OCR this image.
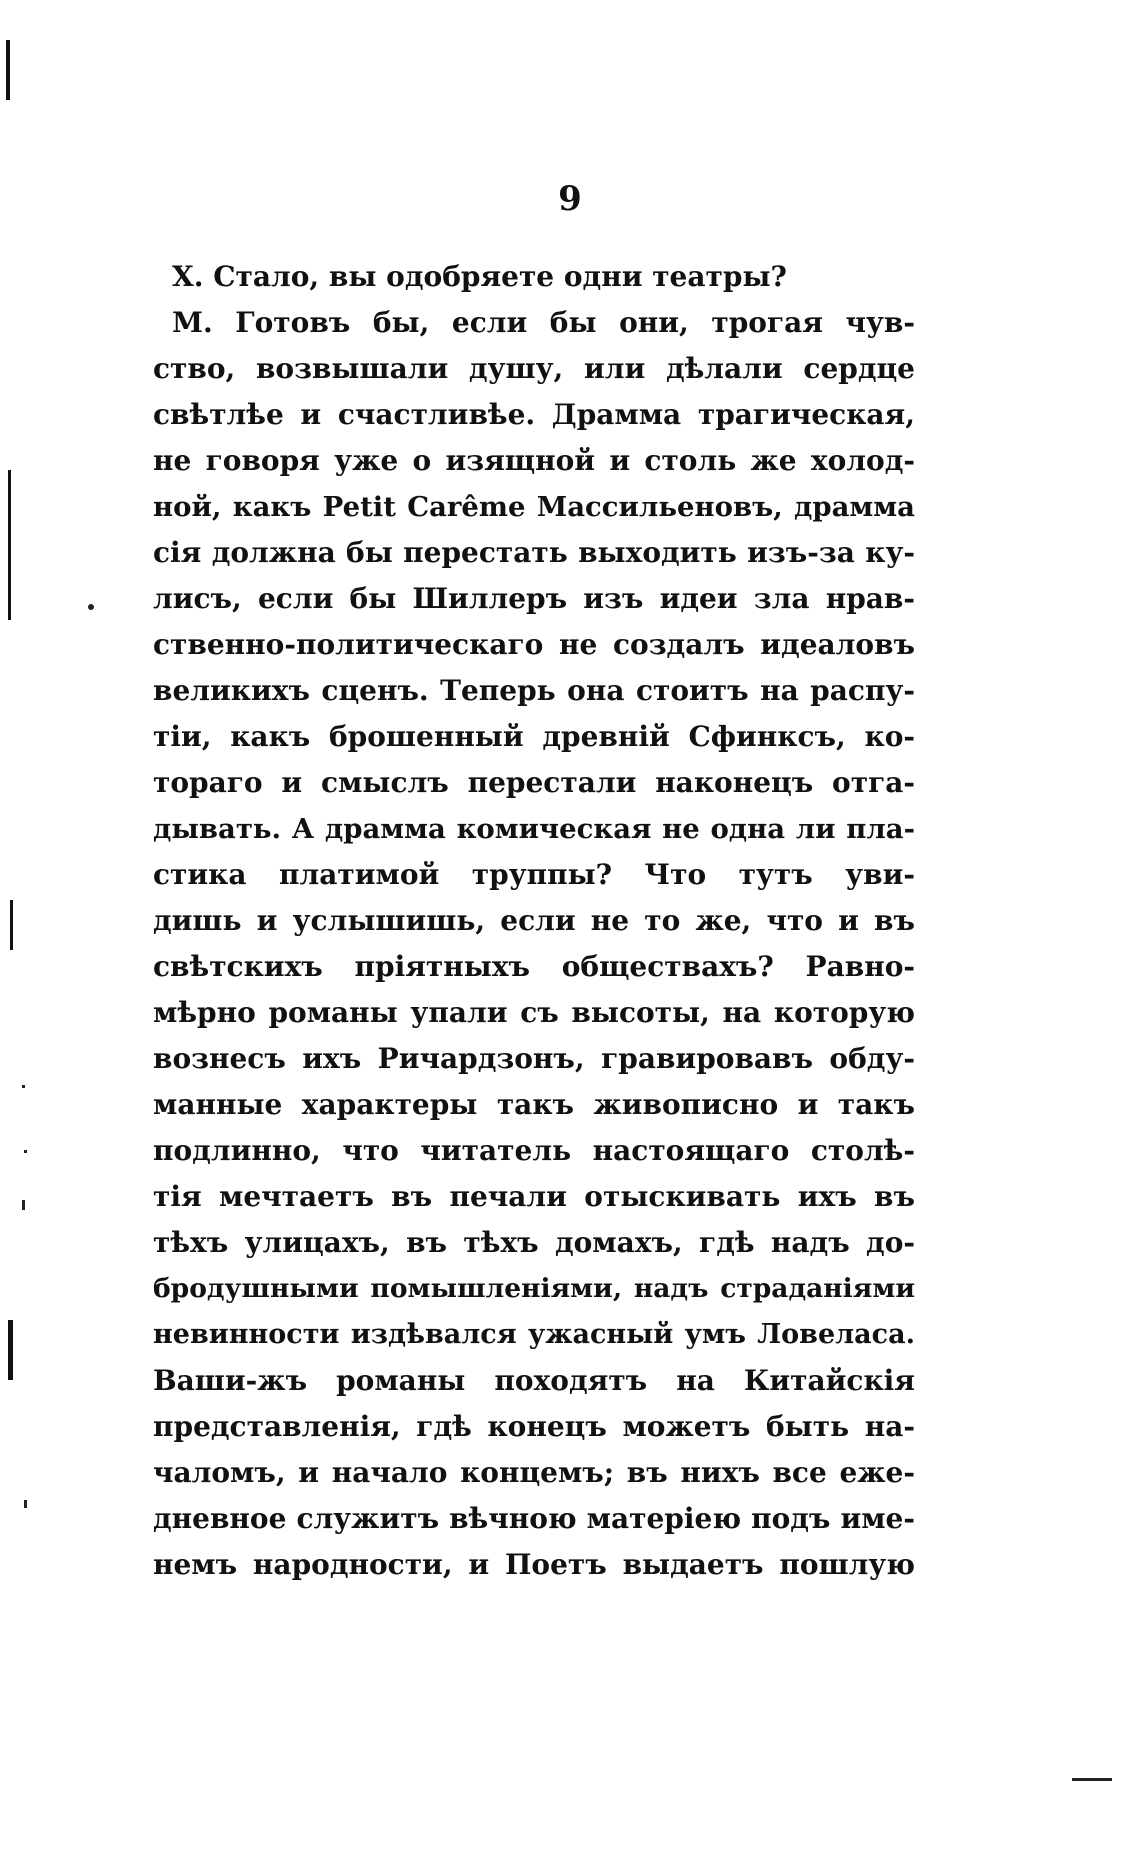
9
Х. Стало, вы одобряете одни театры?
М. Готовъ бы, если бы они, трогая чув-
ство, возвышали душу, или дѣлали сердце
свѣтлѣе и счастливѣе. Драмма трагическая,
не говоря уже о изящной и столь же холод-
ной, какъ Petit Carême Массильеновъ, драмма
сія должна бы перестать выходить изъ-за ку-
лисъ, если бы Шиллеръ изъ идеи зла нрав-
ственно-политическаго не создалъ идеаловъ
великихъ сценъ. Теперь она стоитъ на распу-
тіи, какъ брошенный древній Сфинксъ, ко-
тораго и смыслъ перестали наконецъ отга-
дывать. А драмма комическая не одна ли пла-
стика платимой труппы? Что тутъ уви-
дишь и услышишь, если не то же, что и въ
свѣтскихъ пріятныхъ обществахъ? Равно-
мѣрно романы упали съ высоты, на которую
вознесъ ихъ Ричардзонъ, гравировавъ обду-
манные характеры такъ живописно и такъ
подлинно, что читатель настоящаго столѣ-
тія мечтаетъ въ печали отыскивать ихъ въ
тѣхъ улицахъ, въ тѣхъ домахъ, гдѣ надъ до-
бродушными помышленіями, надъ страданіями
невинности издѣвался ужасный умъ Ловеласа.
Ваши-жъ романы походятъ на Китайскія
представленія, гдѣ конецъ можетъ быть на-
чаломъ, и начало концемъ; въ нихъ все еже-
дневное служитъ вѣчною матеріею подъ име-
немъ народности, и Поетъ выдаетъ пошлую
